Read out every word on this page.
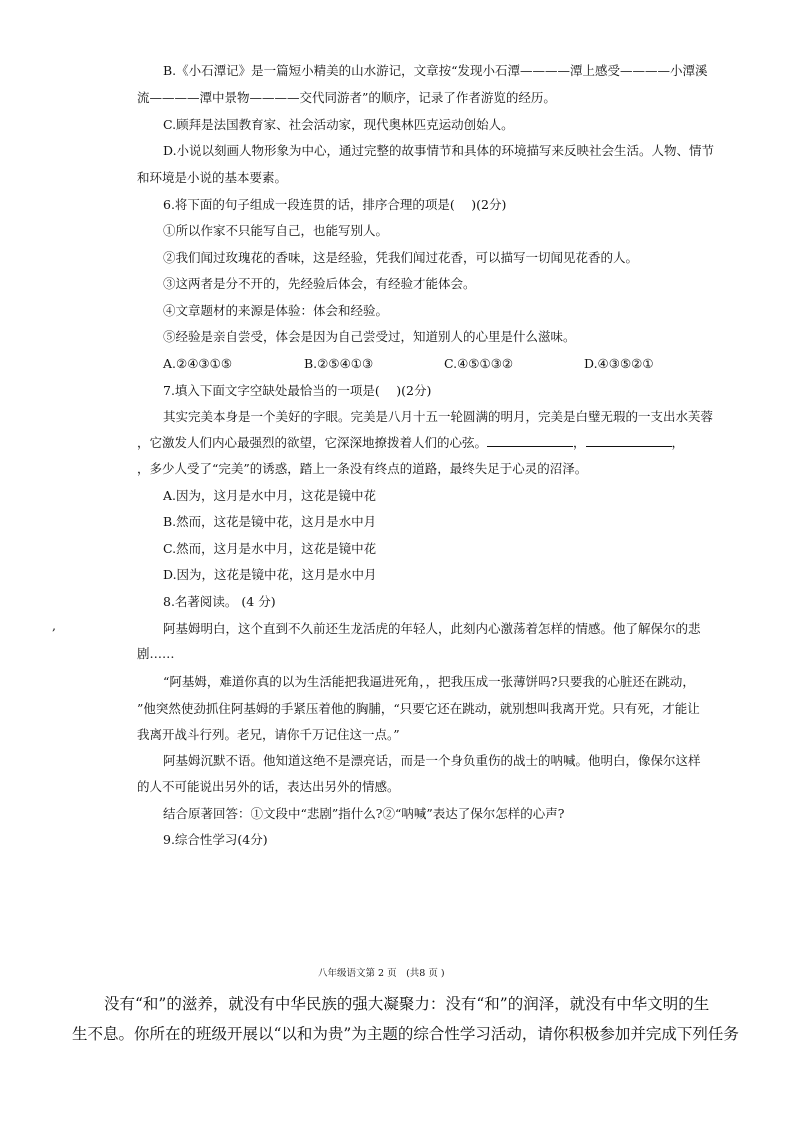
B.《小石潭记》是一篇短小精美的山水游记，文章按“发现小石潭————潭上感受————小潭溪
流————潭中景物————交代同游者”的顺序，记录了作者游览的经历。
C.顾拜是法国教育家、社会活动家，现代奥林匹克运动创始人。
D.小说以刻画人物形象为中心，通过完整的故事情节和具体的环境描写来反映社会生活。人物、情节
和环境是小说的基本要素。
6.将下面的句子组成一段连贯的话，排序合理的项是(　 )(2分)
①所以作家不只能写自己，也能写别人。
②我们闻过玫瑰花的香味，这是经验，凭我们闻过花香，可以描写一切闻见花香的人。
③这两者是分不开的，先经验后体会，有经验才能体会。
④文章题材的来源是体验：体会和经验。
⑤经验是亲自尝受，体会是因为自己尝受过，知道别人的心里是什么滋味。
A.②④③①⑤	B.②⑤④①③	C.④⑤①③②	D.④③⑤②①
7.填入下面文字空缺处最恰当的一项是(　 )(2分)
其实完美本身是一个美好的字眼。完美是八月十五一轮圆满的明月，完美是白璧无瑕的一支出水芙蓉
，它激发人们内心最强烈的欲望，它深深地撩拨着人们的心弦。	，	，
，多少人受了“完美”的诱惑，踏上一条没有终点的道路，最终失足于心灵的沼泽。
A.因为，这月是水中月，这花是镜中花
B.然而，这花是镜中花，这月是水中月
C.然而，这月是水中月，这花是镜中花
D.因为，这花是镜中花，这月是水中月
8.名著阅读。 (4 分)
,	阿基姆明白，这个直到不久前还生龙活虎的年轻人，此刻内心激荡着怎样的情感。他了解保尔的悲
剧……
“阿基姆，难道你真的以为生活能把我逼进死角，，把我压成一张薄饼吗?只要我的心脏还在跳动，
”他突然使劲抓住阿基姆的手紧压着他的胸脯，“只要它还在跳动，就别想叫我离开党。只有死，才能让
我离开战斗行列。老兄，请你千万记住这一点。”
阿基姆沉默不语。他知道这绝不是漂亮话，而是一个身负重伤的战士的呐喊。他明白，像保尔这样
的人不可能说出另外的话，表达出另外的情感。
结合原著回答：①文段中“悲剧”指什么?②“呐喊”表达了保尔怎样的心声?
9.综合性学习(4分)
八年级语文第 2 页　(共8 页 )
没有“和”的滋养，就没有中华民族的强大凝聚力：没有“和”的润泽，就没有中华文明的生
生不息。你所在的班级开展以“以和为贵”为主题的综合性学习活动，请你积极参加并完成下列任务
